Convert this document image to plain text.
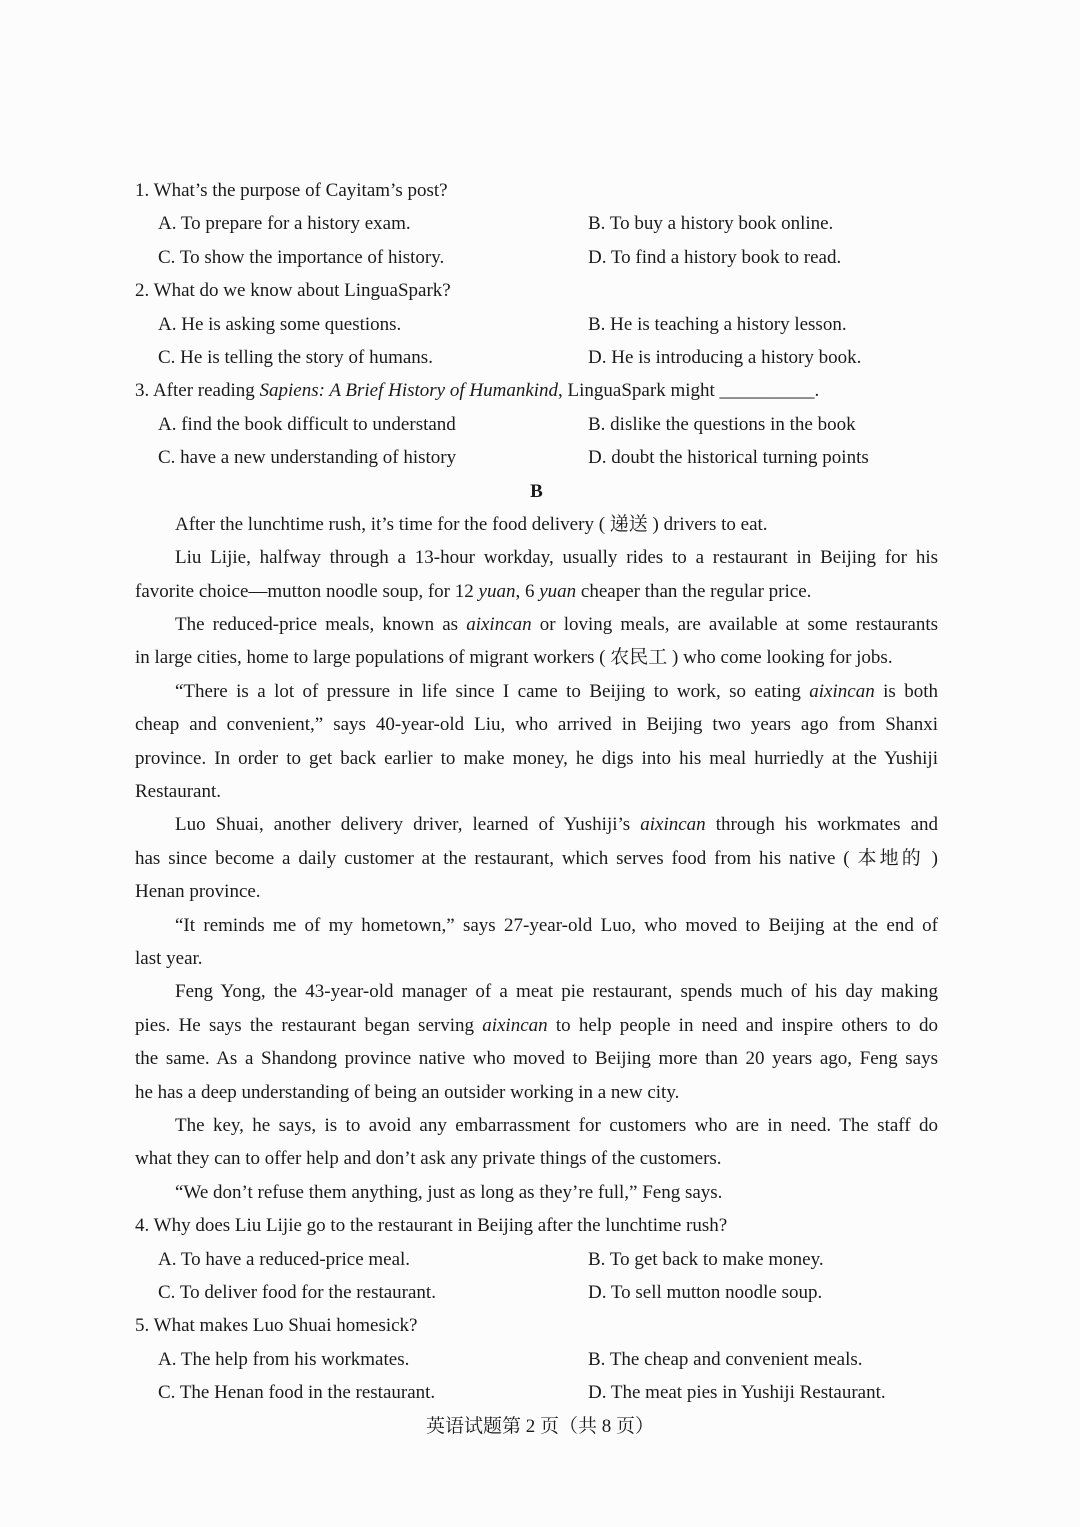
1. What’s the purpose of Cayitam’s post?
A. To prepare for a history exam.	B. To buy a history book online.
C. To show the importance of history.	D. To find a history book to read.
2. What do we know about LinguaSpark?
A. He is asking some questions.	B. He is teaching a history lesson.
C. He is telling the story of humans.	D. He is introducing a history book.
3. After reading Sapiens: A Brief History of Humankind, LinguaSpark might __________.
A. find the book difficult to understand	B. dislike the questions in the book
C. have a new understanding of history	D. doubt the historical turning points
B
After the lunchtime rush, it’s time for the food delivery ( 递送 ) drivers to eat.
Liu Lijie, halfway through a 13-hour workday, usually rides to a restaurant in Beijing for his
favorite choice—mutton noodle soup, for 12 yuan, 6 yuan cheaper than the regular price.
The reduced-price meals, known as aixincan or loving meals, are available at some restaurants
in large cities, home to large populations of migrant workers ( 农民工 ) who come looking for jobs.
“There is a lot of pressure in life since I came to Beijing to work, so eating aixincan is both
cheap and convenient,” says 40-year-old Liu, who arrived in Beijing two years ago from Shanxi
province. In order to get back earlier to make money, he digs into his meal hurriedly at the Yushiji
Restaurant.
Luo Shuai, another delivery driver, learned of Yushiji’s aixincan through his workmates and
has since become a daily customer at the restaurant, which serves food from his native ( 本地的 )
Henan province.
“It reminds me of my hometown,” says 27-year-old Luo, who moved to Beijing at the end of
last year.
Feng Yong, the 43-year-old manager of a meat pie restaurant, spends much of his day making
pies. He says the restaurant began serving aixincan to help people in need and inspire others to do
the same. As a Shandong province native who moved to Beijing more than 20 years ago, Feng says
he has a deep understanding of being an outsider working in a new city.
The key, he says, is to avoid any embarrassment for customers who are in need. The staff do
what they can to offer help and don’t ask any private things of the customers.
“We don’t refuse them anything, just as long as they’re full,” Feng says.
4. Why does Liu Lijie go to the restaurant in Beijing after the lunchtime rush?
A. To have a reduced-price meal.	B. To get back to make money.
C. To deliver food for the restaurant.	D. To sell mutton noodle soup.
5. What makes Luo Shuai homesick?
A. The help from his workmates.	B. The cheap and convenient meals.
C. The Henan food in the restaurant.	D. The meat pies in Yushiji Restaurant.
英语试题第 2 页（共 8 页）
